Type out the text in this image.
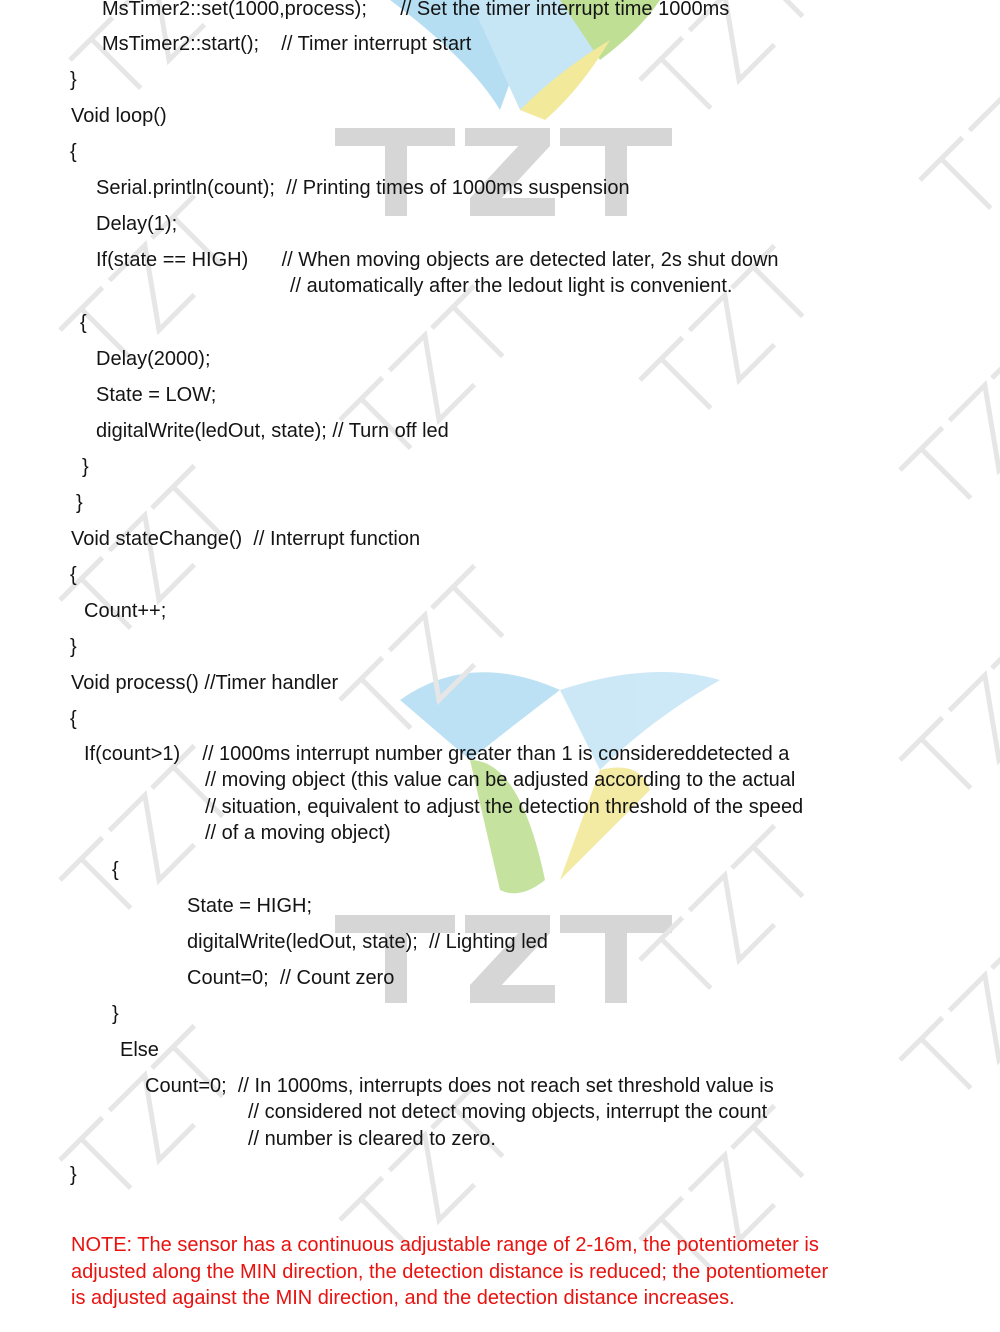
MsTimer2::set(1000,process);      // Set the timer interrupt time 1000ms
MsTimer2::start();    // Timer interrupt start
}
Void loop()
{
Serial.println(count);  // Printing times of 1000ms suspension
Delay(1);
If(state == HIGH)      // When moving objects are detected later, 2s shut down
// automatically after the ledout light is convenient.
{
Delay(2000);
State = LOW;
digitalWrite(ledOut, state); // Turn off led
}
}
Void stateChange()  // Interrupt function
{
Count++;
}
Void process() //Timer handler
{
If(count>1)    // 1000ms interrupt number greater than 1 is considereddetected a
// moving object (this value can be adjusted according to the actual
// situation, equivalent to adjust the detection threshold of the speed
// of a moving object)
{
State = HIGH;
digitalWrite(ledOut, state);  // Lighting led
Count=0;  // Count zero
}
Else
Count=0;  // In 1000ms, interrupts does not reach set threshold value is
// considered not detect moving objects, interrupt the count
// number is cleared to zero.
}
NOTE: The sensor has a continuous adjustable range of 2-16m, the potentiometer is
adjusted along the MIN direction, the detection distance is reduced; the potentiometer
is adjusted against the MIN direction, and the detection distance increases.
